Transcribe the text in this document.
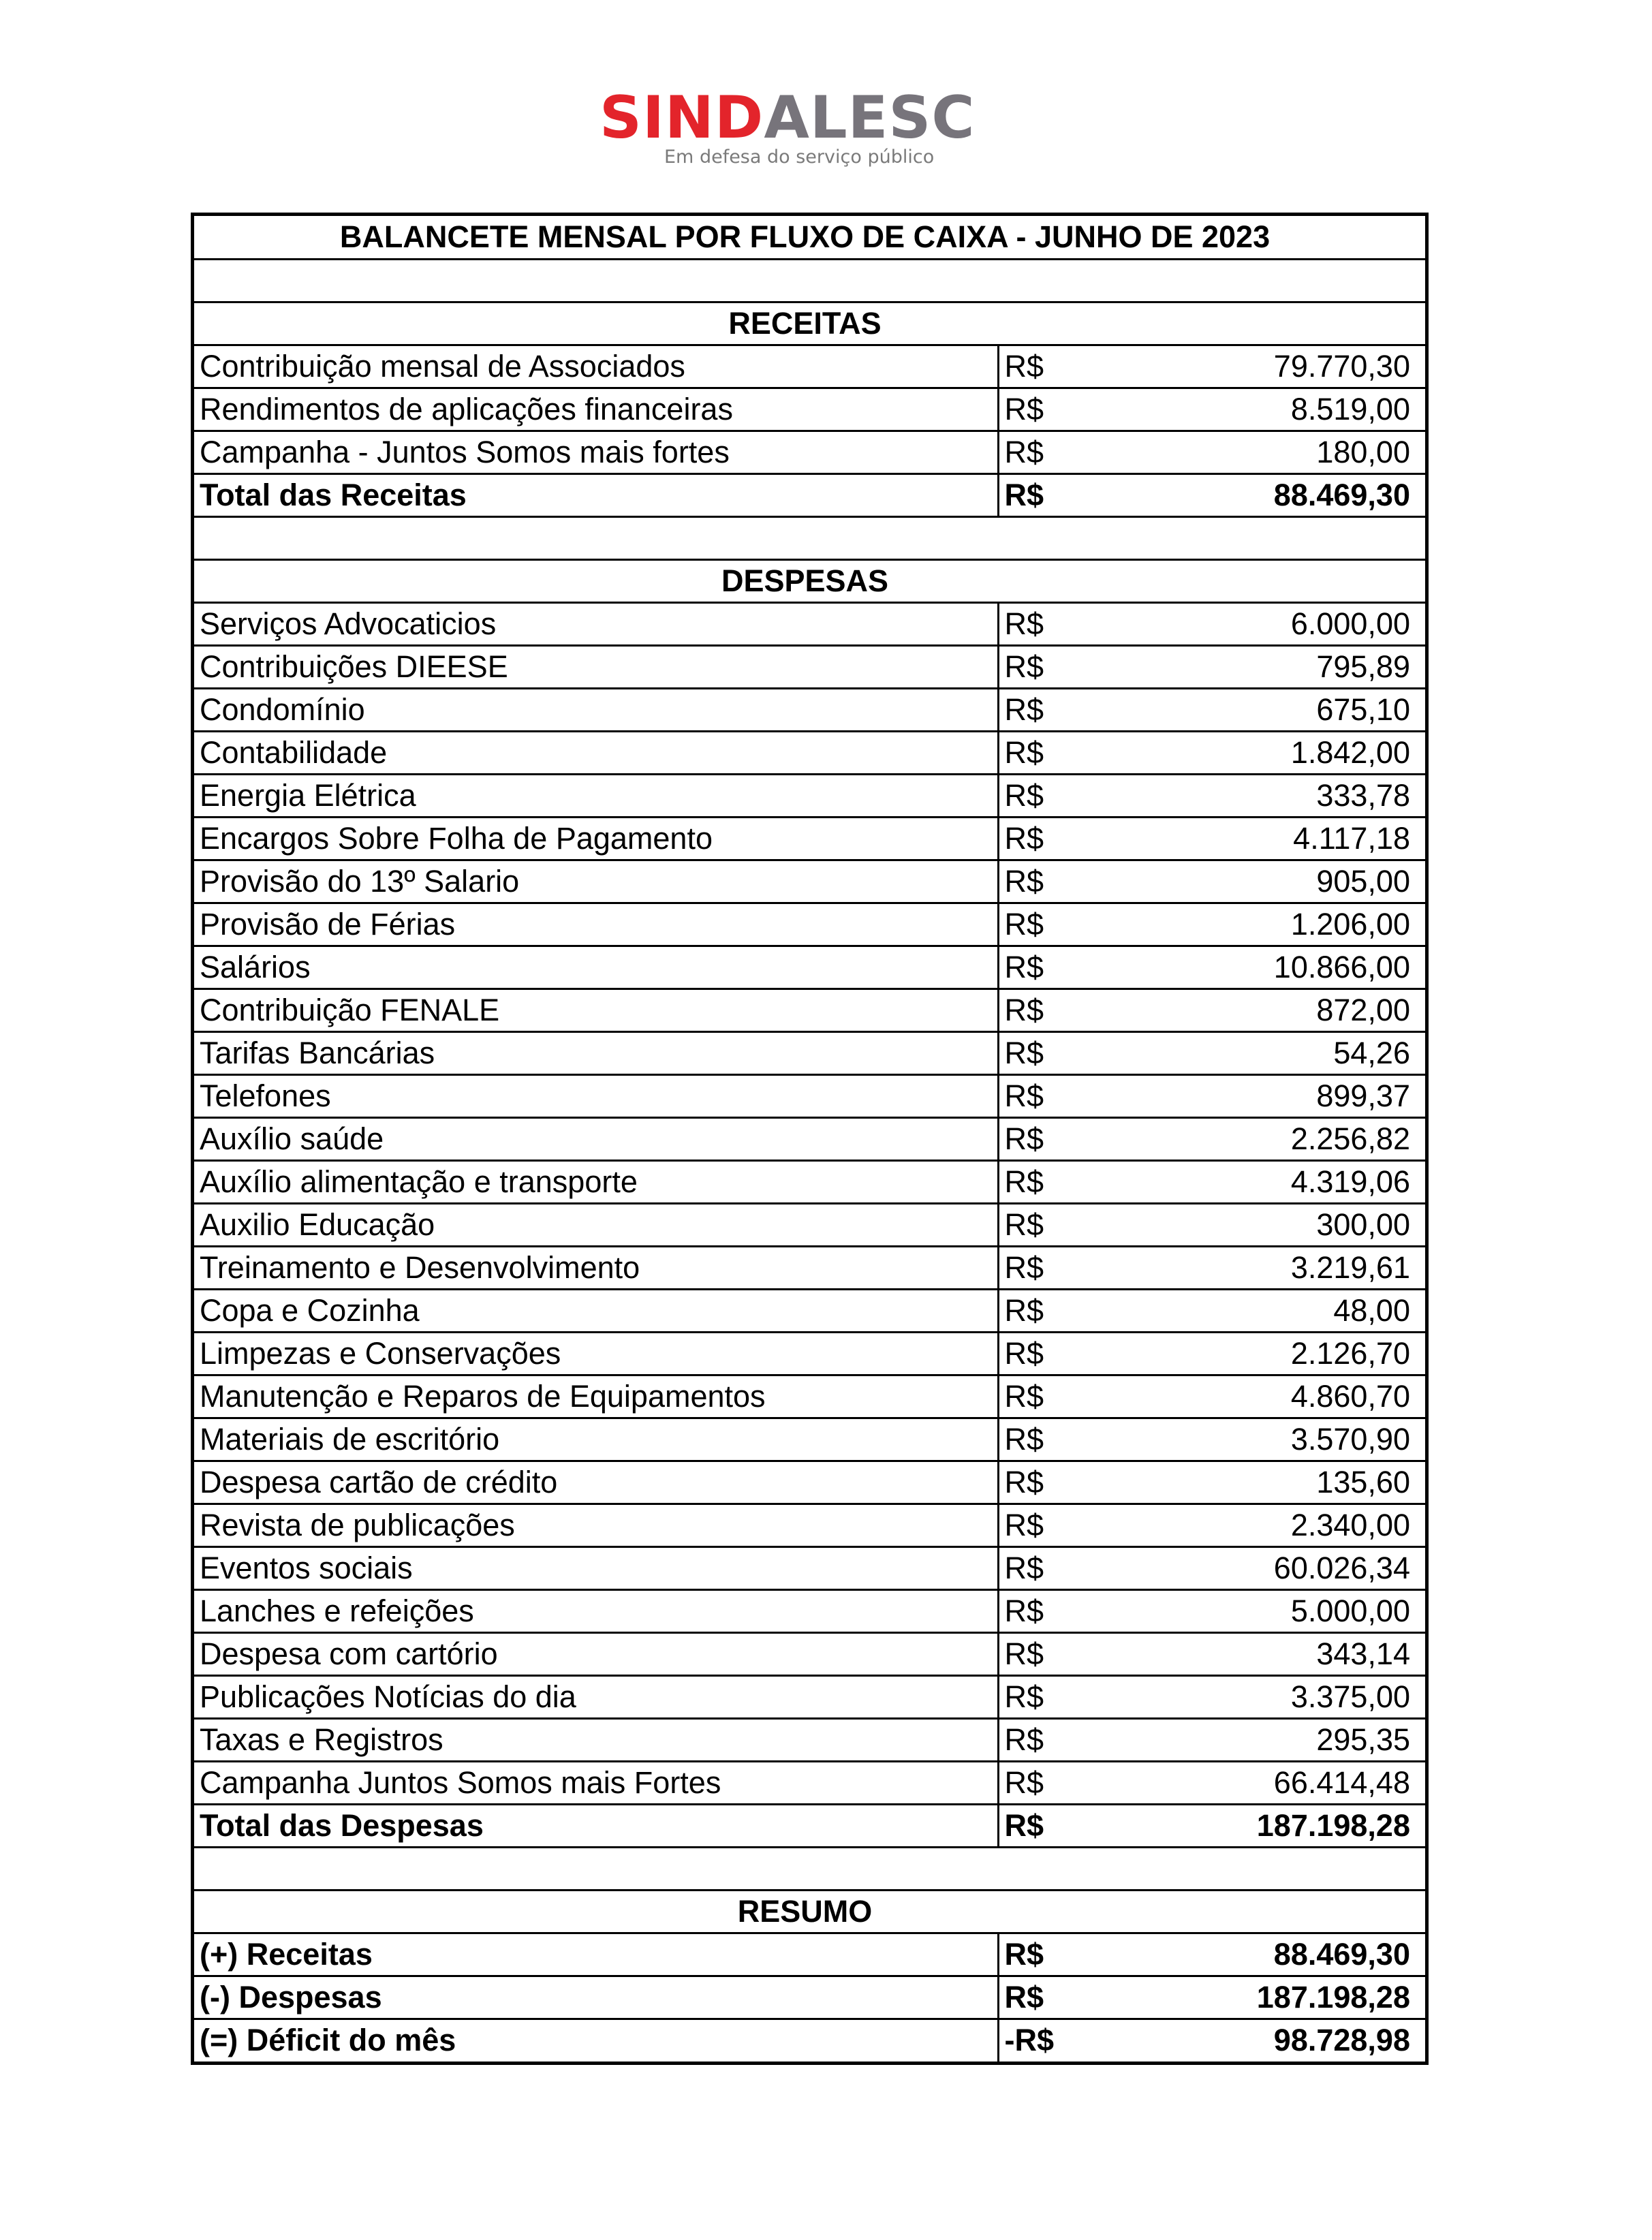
SINDALESC
Em defesa do serviço público
BALANCETE MENSAL POR FLUXO DE CAIXA - JUNHO DE 2023		

RECEITAS		
Contribuição mensal de Associados	R$	79.770,30
Rendimentos de aplicações financeiras	R$	8.519,00
Campanha - Juntos Somos mais fortes	R$	180,00
Total das Receitas	R$	88.469,30

DESPESAS		
Serviços Advocaticios	R$	6.000,00
Contribuições DIEESE	R$	795,89
Condomínio	R$	675,10
Contabilidade	R$	1.842,00
Energia Elétrica	R$	333,78
Encargos Sobre Folha de Pagamento	R$	4.117,18
Provisão do 13º Salario	R$	905,00
Provisão de Férias	R$	1.206,00
Salários	R$	10.866,00
Contribuição FENALE	R$	872,00
Tarifas Bancárias	R$	54,26
Telefones	R$	899,37
Auxílio saúde	R$	2.256,82
Auxílio alimentação e transporte	R$	4.319,06
Auxilio Educação	R$	300,00
Treinamento e Desenvolvimento	R$	3.219,61
Copa e Cozinha	R$	48,00
Limpezas e Conservações	R$	2.126,70
Manutenção e Reparos de Equipamentos	R$	4.860,70
Materiais de escritório	R$	3.570,90
Despesa cartão de crédito	R$	135,60
Revista de publicações	R$	2.340,00
Eventos sociais	R$	60.026,34
Lanches e refeições	R$	5.000,00
Despesa com cartório	R$	343,14
Publicações Notícias do dia	R$	3.375,00
Taxas e Registros	R$	295,35
Campanha Juntos Somos mais Fortes	R$	66.414,48
Total das Despesas	R$	187.198,28

RESUMO		
(+) Receitas	R$	88.469,30
(-) Despesas	R$	187.198,28
(=) Déficit do mês	-R$	98.728,98
